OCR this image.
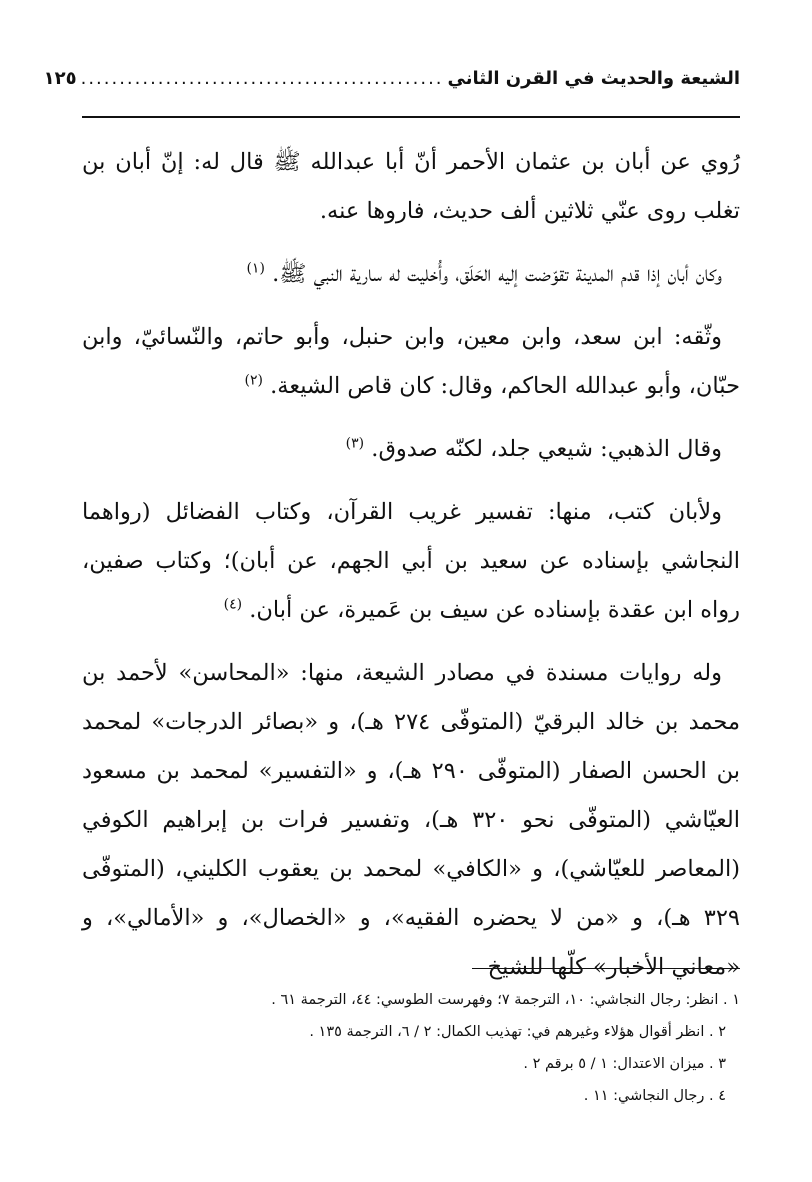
الشيعة والحديث في القرن الثاني
...............................................
١٢٥

رُوي عن أبان بن عثمان الأحمر أنّ أبا عبدالله ﷺ قال له: إنّ أبان بن تغلب روى عنّي ثلاثين ألف حديث، فاروها عنه.

وكان أبان إذا قدم المدينة تقوّضت إليه الحَلَق، وأُخليت له سارية النبي ﷺ. $^{(١)}$

وثّقه: ابن سعد، وابن معين، وابن حنبل، وأبو حاتم، والنّسائيّ، وابن حبّان، وأبو عبدالله الحاكم، وقال: كان قاص الشيعة. $^{(٢)}$

وقال الذهبي: شيعي جلد، لكنّه صدوق. $^{(٣)}$

ولأبان كتب، منها: تفسير غريب القرآن، وكتاب الفضائل (رواهما النجاشي بإسناده عن سعيد بن أبي الجهم، عن أبان)؛ وكتاب صفين، رواه ابن عقدة بإسناده عن سيف بن عَميرة، عن أبان. $^{(٤)}$

وله روايات مسندة في مصادر الشيعة، منها: «المحاسن» لأحمد بن محمد بن خالد البرقيّ (المتوفّى ٢٧٤ هـ)، و «بصائر الدرجات» لمحمد بن الحسن الصفار (المتوفّى ٢٩٠ هـ)، و «التفسير» لمحمد بن مسعود العيّاشي (المتوفّى نحو ٣٢٠ هـ)، وتفسير فرات بن إبراهيم الكوفي (المعاصر للعيّاشي)، و «الكافي» لمحمد بن يعقوب الكليني، (المتوفّى ٣٢٩ هـ)، و «من لا يحضره الفقيه»، و «الخصال»، و «الأمالي»، و «معاني الأخبار» كلّها للشيخ

١ . انظر: رجال النجاشي: ١٠، الترجمة ٧؛ وفهرست الطوسي: ٤٤، الترجمة ٦١ .

٢ . انظر أقوال هؤلاء وغيرهم في: تهذيب الكمال: ٢ / ٦، الترجمة ١٣٥ .

٣ . ميزان الاعتدال: ١ / ٥ برقم ٢ .

٤ . رجال النجاشي: ١١ .
